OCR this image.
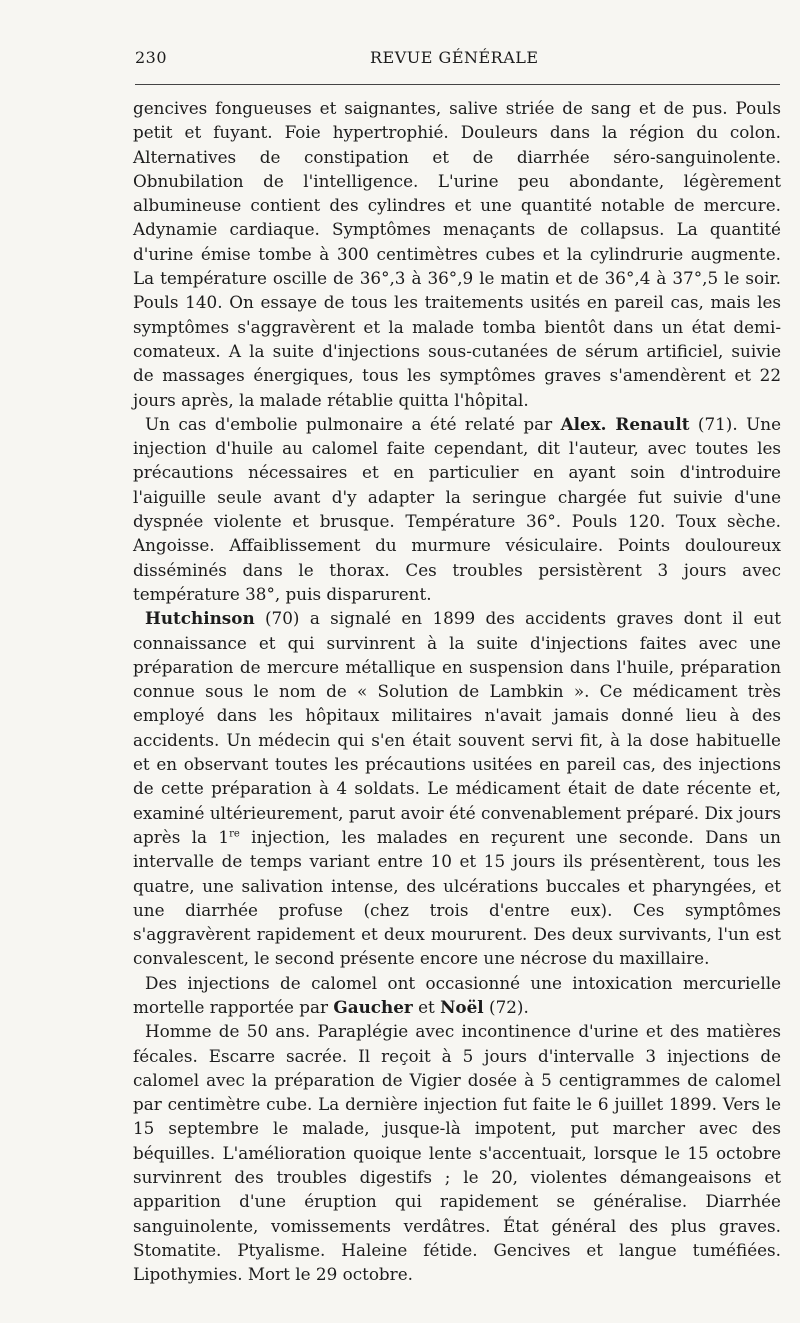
230	REVUE GÉNÉRALE

gencives fongueuses et saignantes, salive striée de sang et de pus. Pouls petit et fuyant. Foie hypertrophié. Douleurs dans la région du colon. Alternatives de constipation et de diarrhée séro-sanguinolente. Obnubilation de l'intelligence. L'urine peu abondante, légèrement albumineuse contient des cylindres et une quantité notable de mercure. Adynamie cardiaque. Symptômes menaçants de collapsus. La quantité d'urine émise tombe à 300 centimètres cubes et la cylindrurie augmente. La température oscille de 36°,3 à 36°,9 le matin et de 36°,4 à 37°,5 le soir. Pouls 140. On essaye de tous les traitements usités en pareil cas, mais les symptômes s'aggravèrent et la malade tomba bientôt dans un état demi-comateux. A la suite d'injections sous-cutanées de sérum artificiel, suivie de massages énergiques, tous les symptômes graves s'amendèrent et 22 jours après, la malade rétablie quitta l'hôpital.

Un cas d'embolie pulmonaire a été relaté par Alex. Renault (71). Une injection d'huile au calomel faite cependant, dit l'auteur, avec toutes les précautions nécessaires et en particulier en ayant soin d'introduire l'aiguille seule avant d'y adapter la seringue chargée fut suivie d'une dyspnée violente et brusque. Température 36°. Pouls 120. Toux sèche. Angoisse. Affaiblissement du murmure vésiculaire. Points douloureux disséminés dans le thorax. Ces troubles persistèrent 3 jours avec température 38°, puis disparurent.

Hutchinson (70) a signalé en 1899 des accidents graves dont il eut connaissance et qui survinrent à la suite d'injections faites avec une préparation de mercure métallique en suspension dans l'huile, préparation connue sous le nom de « Solution de Lambkin ». Ce médicament très employé dans les hôpitaux militaires n'avait jamais donné lieu à des accidents. Un médecin qui s'en était souvent servi fit, à la dose habituelle et en observant toutes les précautions usitées en pareil cas, des injections de cette préparation à 4 soldats. Le médicament était de date récente et, examiné ultérieurement, parut avoir été convenablement préparé. Dix jours après la 1re injection, les malades en reçurent une seconde. Dans un intervalle de temps variant entre 10 et 15 jours ils présentèrent, tous les quatre, une salivation intense, des ulcérations buccales et pharyngées, et une diarrhée profuse (chez trois d'entre eux). Ces symptômes s'aggravèrent rapidement et deux moururent. Des deux survivants, l'un est convalescent, le second présente encore une nécrose du maxillaire.

Des injections de calomel ont occasionné une intoxication mercurielle mortelle rapportée par Gaucher et Noël (72).

Homme de 50 ans. Paraplégie avec incontinence d'urine et des matières fécales. Escarre sacrée. Il reçoit à 5 jours d'intervalle 3 injections de calomel avec la préparation de Vigier dosée à 5 centigrammes de calomel par centimètre cube. La dernière injection fut faite le 6 juillet 1899. Vers le 15 septembre le malade, jusque-là impotent, put marcher avec des béquilles. L'amélioration quoique lente s'accentuait, lorsque le 15 octobre survinrent des troubles digestifs ; le 20, violentes démangeaisons et apparition d'une éruption qui rapidement se généralise. Diarrhée sanguinolente, vomissements verdâtres. État général des plus graves. Stomatite. Ptyalisme. Haleine fétide. Gencives et langue tuméfiées. Lipothymies. Mort le 29 octobre.
